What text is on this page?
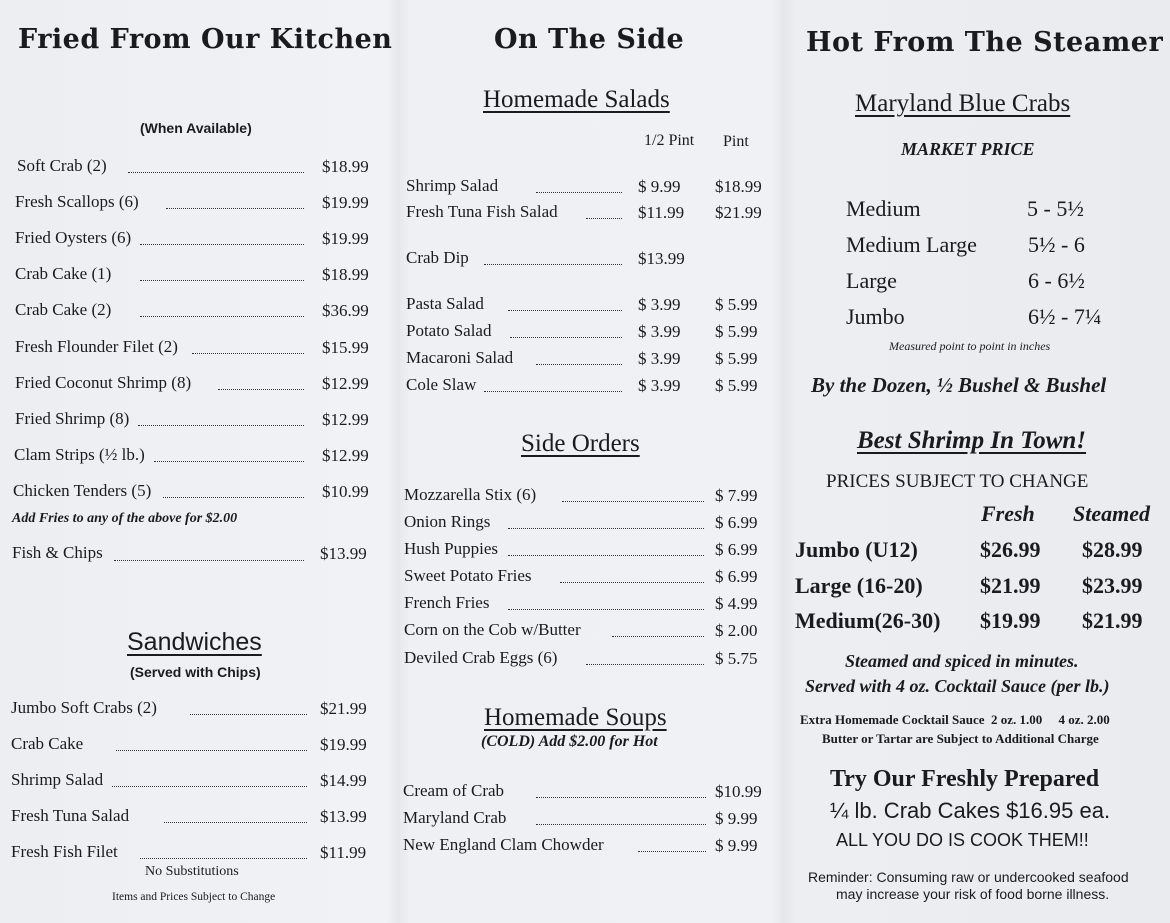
Fried From Our Kitchen
(When Available)
Soft Crab (2)	$18.99
Fresh Scallops (6)	$19.99
Fried Oysters (6)	$19.99
Crab Cake (1)	$18.99
Crab Cake (2)	$36.99
Fresh Flounder Filet (2)	$15.99
Fried Coconut Shrimp (8)	$12.99
Fried Shrimp (8)	$12.99
Clam Strips (½ lb.)	$12.99
Chicken Tenders (5)	$10.99
Add Fries to any of the above for $2.00
Fish & Chips	$13.99
Sandwiches
(Served with Chips)
Jumbo Soft Crabs (2)	$21.99
Crab Cake	$19.99
Shrimp Salad	$14.99
Fresh Tuna Salad	$13.99
Fresh Fish Filet	$11.99
No Substitutions
Items and Prices Subject to Change
On The Side
Homemade Salads
1/2 Pint Pint
Shrimp Salad	$ 9.99 $18.99
Fresh Tuna Fish Salad	$11.99 $21.99
Crab Dip	$13.99
Pasta Salad	$ 3.99 $ 5.99
Potato Salad	$ 3.99 $ 5.99
Macaroni Salad	$ 3.99 $ 5.99
Cole Slaw	$ 3.99 $ 5.99
Side Orders
Mozzarella Stix (6)	$ 7.99
Onion Rings	$ 6.99
Hush Puppies	$ 6.99
Sweet Potato Fries	$ 6.99
French Fries	$ 4.99
Corn on the Cob w/Butter	$ 2.00
Deviled Crab Eggs (6)	$ 5.75
Homemade Soups
(COLD) Add $2.00 for Hot
Cream of Crab	$10.99
Maryland Crab	$ 9.99
New England Clam Chowder	$ 9.99
Hot From The Steamer
Maryland Blue Crabs
MARKET PRICE
Medium	5 - 5½
Medium Large 5½ - 6
Large	6 - 6½
Jumbo	6½ - 7¼
Measured point to point in inches
By the Dozen, ½ Bushel & Bushel
Best Shrimp In Town!
PRICES SUBJECT TO CHANGE
Fresh Steamed
Jumbo (U12)	$26.99 $28.99
Large (16-20)	$21.99 $23.99
Medium(26-30) $19.99 $21.99
Steamed and spiced in minutes.
Served with 4 oz. Cocktail Sauce (per lb.)
Extra Homemade Cocktail Sauce  2 oz. 1.00     4 oz. 2.00
Butter or Tartar are Subject to Additional Charge
Try Our Freshly Prepared
¼ lb. Crab Cakes $16.95 ea.
ALL YOU DO IS COOK THEM!!
Reminder: Consuming raw or undercooked seafood
may increase your risk of food borne illness.
